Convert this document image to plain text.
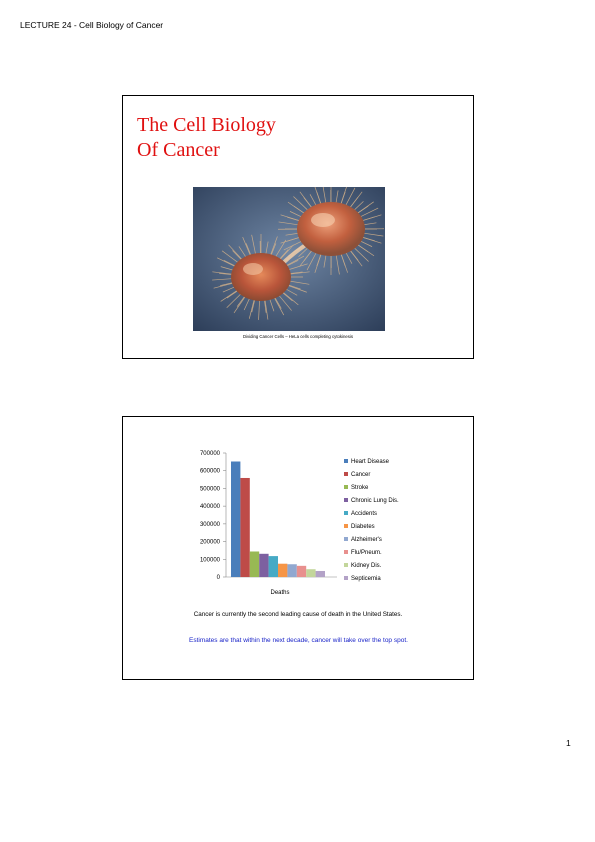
LECTURE 24 - Cell Biology of Cancer
The Cell Biology
Of Cancer
Dividing Cancer Cells – HeLa cells completing cytokinesis
700000
600000
500000
400000
300000
200000
100000
0
Heart Disease
Cancer
Stroke
Chronic Lung Dis.
Accidents
Diabetes
Alzheimer's
Flu/Pneum.
Kidney Dis.
Septicemia
Deaths
Cancer is currently the second leading cause of death in the United States.
Estimates are that within the next decade, cancer will take over the top spot.
1
